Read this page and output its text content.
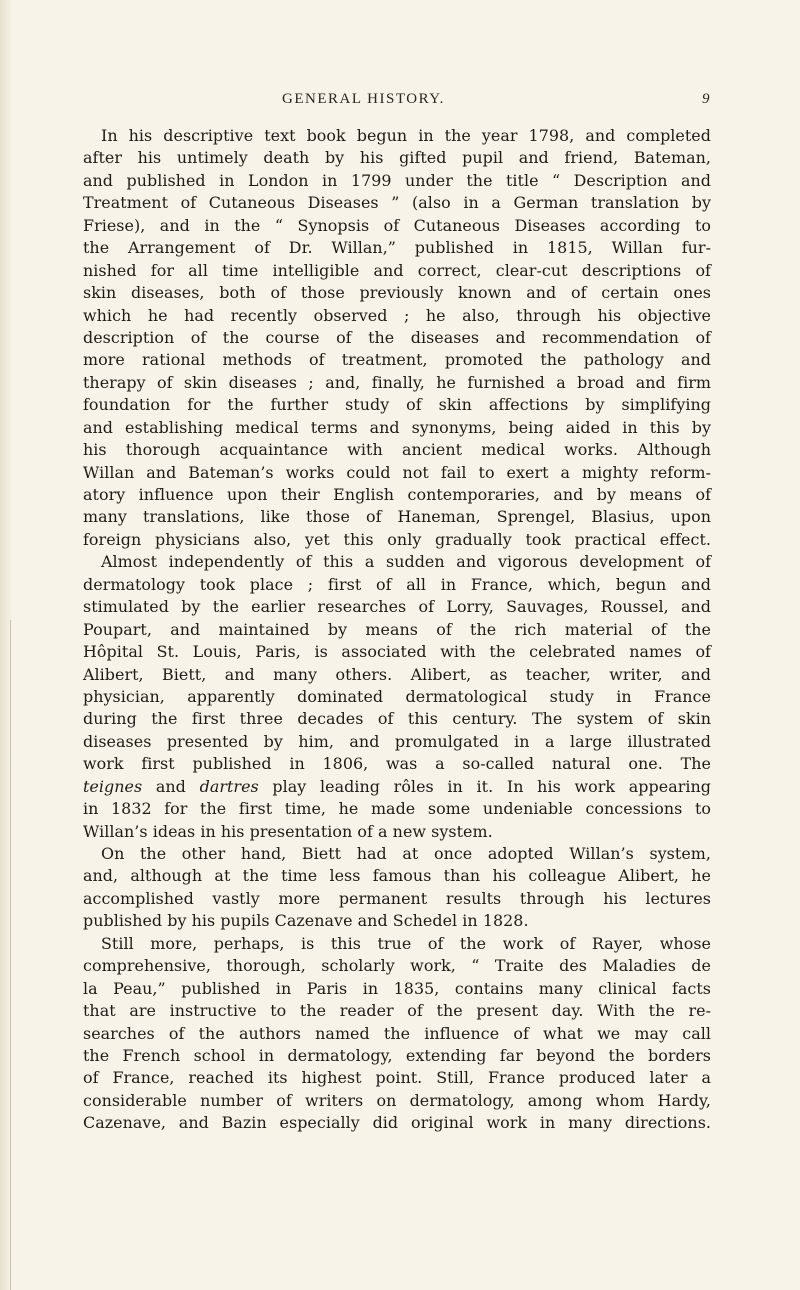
GENERAL HISTORY.	9
In his descriptive text book begun in the year 1798, and completed
after his untimely death by his gifted pupil and friend, Bateman,
and published in London in 1799 under the title “ Description and
Treatment of Cutaneous Diseases ” (also in a German translation by
Friese), and in the “ Synopsis of Cutaneous Diseases according to
the Arrangement of Dr. Willan,” published in 1815, Willan fur-
nished for all time intelligible and correct, clear-cut descriptions of
skin diseases, both of those previously known and of certain ones
which he had recently observed ; he also, through his objective
description of the course of the diseases and recommendation of
more rational methods of treatment, promoted the pathology and
therapy of skin diseases ; and, finally, he furnished a broad and firm
foundation for the further study of skin affections by simplifying
and establishing medical terms and synonyms, being aided in this by
his thorough acquaintance with ancient medical works. Although
Willan and Bateman’s works could not fail to exert a mighty reform-
atory influence upon their English contemporaries, and by means of
many translations, like those of Haneman, Sprengel, Blasius, upon
foreign physicians also, yet this only gradually took practical effect.
Almost independently of this a sudden and vigorous development of
dermatology took place ; first of all in France, which, begun and
stimulated by the earlier researches of Lorry, Sauvages, Roussel, and
Poupart, and maintained by means of the rich material of the
Hôpital St. Louis, Paris, is associated with the celebrated names of
Alibert, Biett, and many others. Alibert, as teacher, writer, and
physician, apparently dominated dermatological study in France
during the first three decades of this century. The system of skin
diseases presented by him, and promulgated in a large illustrated
work first published in 1806, was a so-called natural one. The
teignes and dartres play leading rôles in it. In his work appearing
in 1832 for the first time, he made some undeniable concessions to
Willan’s ideas in his presentation of a new system.
On the other hand, Biett had at once adopted Willan’s system,
and, although at the time less famous than his colleague Alibert, he
accomplished vastly more permanent results through his lectures
published by his pupils Cazenave and Schedel in 1828.
Still more, perhaps, is this true of the work of Rayer, whose
comprehensive, thorough, scholarly work, “ Traite des Maladies de
la Peau,” published in Paris in 1835, contains many clinical facts
that are instructive to the reader of the present day. With the re-
searches of the authors named the influence of what we may call
the French school in dermatology, extending far beyond the borders
of France, reached its highest point. Still, France produced later a
considerable number of writers on dermatology, among whom Hardy,
Cazenave, and Bazin especially did original work in many directions.
